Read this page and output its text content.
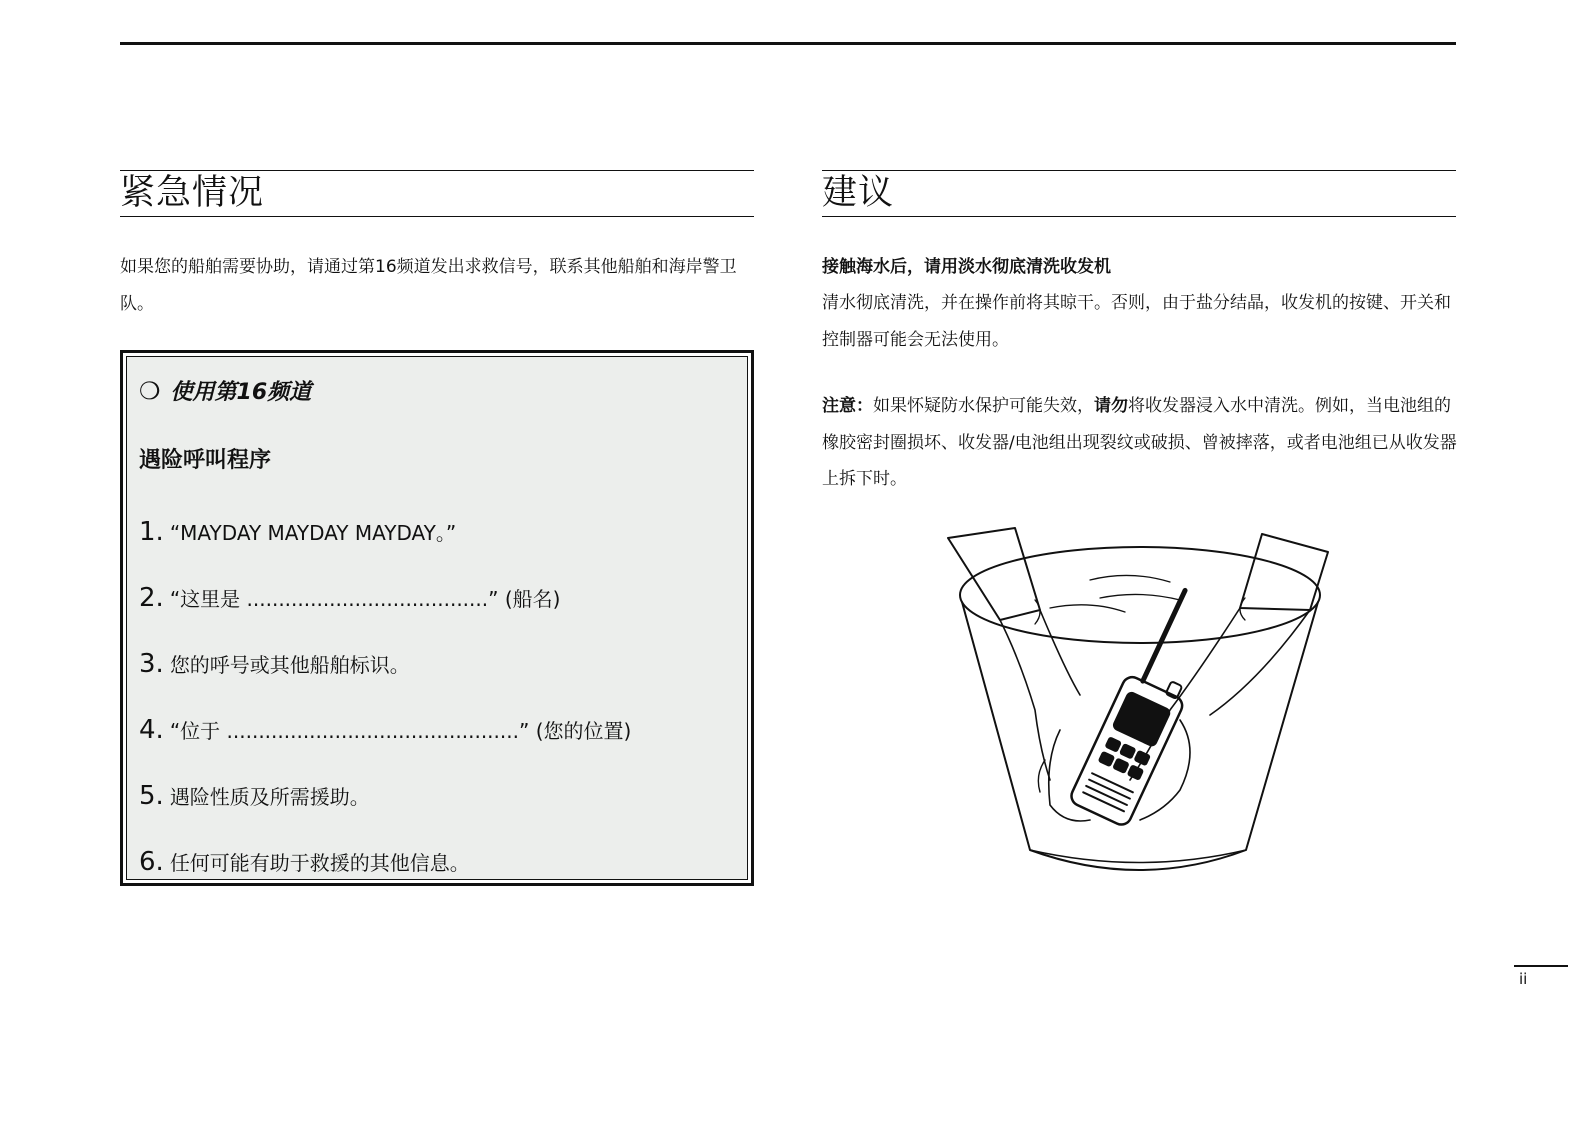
紧急情况

如果您的船舶需要协助，请通过第16频道发出求救信号，联系其他船舶和海岸警卫队。

❍ 使用第16频道
遇险呼叫程序
1. “MAYDAY MAYDAY MAYDAY。”
2. “这里是 ......................................” (船名)
3. 您的呼号或其他船舶标识。
4. “位于 ..............................................” (您的位置)
5. 遇险性质及所需援助。
6. 任何可能有助于救援的其他信息。
建议

接触海水后，请用淡水彻底清洗收发机

清水彻底清洗，并在操作前将其晾干。否则，由于盐分结晶，收发机的按键、开关和控制器可能会无法使用。

注意：如果怀疑防水保护可能失效，请勿将收发器浸入水中清洗。例如，当电池组的橡胶密封圈损坏、收发器/电池组出现裂纹或破损、曾被摔落，或者电池组已从收发器上拆下时。

ii
